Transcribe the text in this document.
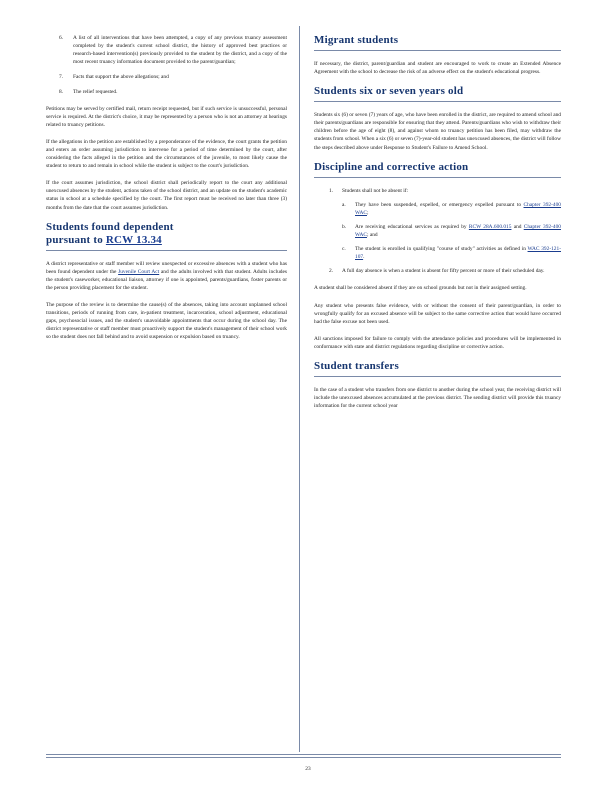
6.	A list of all interventions that have been attempted, a copy of any previous truancy assessment completed by the student's current school district, the history of approved best practices or research-based intervention(s) previously provided to the student by the district, and a copy of the most recent truancy information document provided to the parent/guardian;
7.	Facts that support the above allegations; and
8.	The relief requested.

Petitions may be served by certified mail, return receipt requested, but if such service is unsuccessful, personal service is required. At the district's choice, it may be represented by a person who is not an attorney at hearings related to truancy petitions.

If the allegations in the petition are established by a preponderance of the evidence, the court grants the petition and enters an order assuming jurisdiction to intervene for a period of time determined by the court, after considering the facts alleged in the petition and the circumstances of the juvenile, to most likely cause the student to return to and remain in school while the student is subject to the court's jurisdiction.

If the court assumes jurisdiction, the school district shall periodically report to the court any additional unexcused absences by the student, actions taken of the school district, and an update on the student's academic status in school at a schedule specified by the court. The first report must be received no later than three (3) months from the date that the court assumes jurisdiction.

Students found dependent
pursuant to RCW 13.34

A district representative or staff member will review unexpected or excessive absences with a student who has been found dependent under the Juvenile Court Act and the adults involved with that student. Adults includes the student's caseworker, educational liaison, attorney if one is appointed, parents/guardians, foster parents or the person providing placement for the student.

The purpose of the review is to determine the cause(s) of the absences, taking into account unplanned school transitions, periods of running from care, in-patient treatment, incarceration, school adjustment, educational gaps, psychosocial issues, and the student's unavoidable appointments that occur during the school day. The district representative or staff member must proactively support the student's management of their school work so the student does not fall behind and to avoid suspension or expulsion based on truancy.

Migrant students

If necessary, the district, parent/guardian and student are encouraged to work to create an Extended Absence Agreement with the school to decrease the risk of an adverse effect on the student's educational progress.

Students six or seven years old

Students six (6) or seven (7) years of age, who have been enrolled in the district, are required to amend school and their parents/guardians are responsible for ensuring that they attend. Parents/guardians who wish to withdraw their children before the age of eight (8), and against whom no truancy petition has been filed, may withdraw the students from school. When a six (6) or seven (7)-year-old student has unexcused absences, the district will follow the steps described above under Response to Student's Failure to Amend School.

Discipline and corrective action
1.	Students shall not be absent if:
a.	They have been suspended, expelled, or emergency expelled pursuant to Chapter 392-400 WAC;
b.	Are receiving educational services as required by RCW 28A.600.015 and Chapter 392-400 WAC; and
c.	The student is enrolled in qualifying "course of study" activities as defined in WAC 392-121-107.
2.	A full day absence is when a student is absent for fifty percent or more of their scheduled day.

A student shall be considered absent if they are on school grounds but not in their assigned setting.

Any student who presents false evidence, with or without the consent of their parent/guardian, in order to wrongfully qualify for an excused absence will be subject to the same corrective action that would have occurred had the false excuse not been used.

All sanctions imposed for failure to comply with the attendance policies and procedures will be implemented in conformance with state and district regulations regarding discipline or corrective action.

Student transfers

In the case of a student who transfers from one district to another during the school year, the receiving district will include the unexcused absences accumulated at the previous district. The sending district will provide this truancy information for the current school year

23
